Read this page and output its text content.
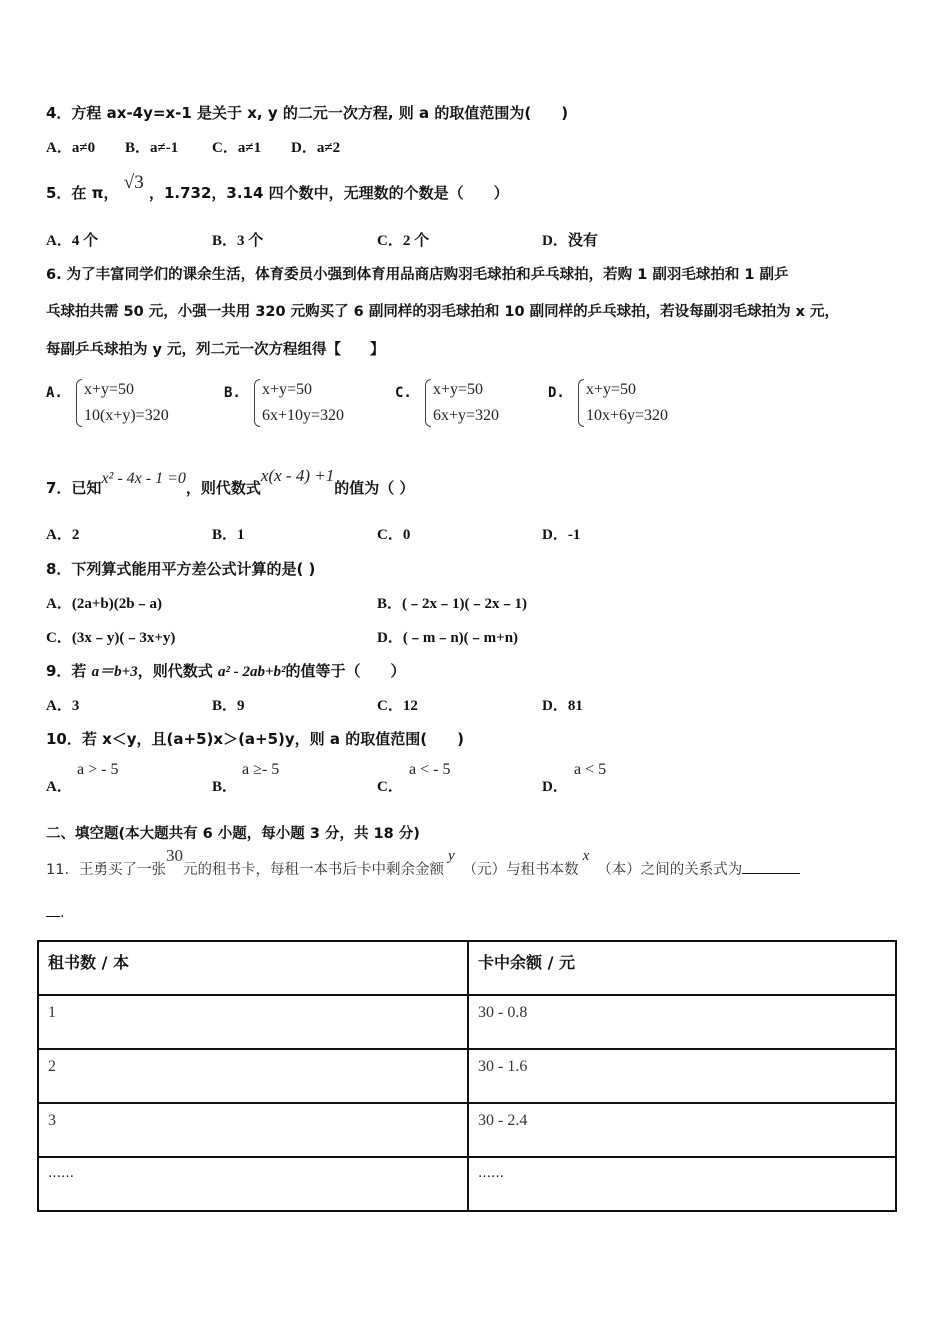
4．方程 ax-4y=x-1 是关于 x, y 的二元一次方程, 则 a 的取值范围为(　　)
A．a≠0 B．a≠-1 C．a≠1 D．a≠2
5．在 π， √3 ，1.732，3.14 四个数中，无理数的个数是（　　）
A．4 个	B．3 个	C．2 个	D．没有
6. 为了丰富同学们的课余生活，体育委员小强到体育用品商店购羽毛球拍和乒乓球拍，若购 1 副羽毛球拍和 1 副乒
乓球拍共需 50 元，小强一共用 320 元购买了 6 副同样的羽毛球拍和 10 副同样的乒乓球拍，若设每副羽毛球拍为 x 元，
每副乒乓球拍为 y 元，列二元一次方程组得【　　】
A. x+y=50
10(x+y)=320
B. x+y=50
6x+10y=320
C. x+y=50
6x+y=320
D. x+y=50
10x+6y=320
7．已知x² - 4x - 1 =0，则代数式x(x - 4) +1的值为（ ）
A．2	B．1	C．0	D．-1
8．下列算式能用平方差公式计算的是( )
A．(2a+b)(2b﹣a)	B．(﹣2x﹣1)(﹣2x﹣1)
C．(3x﹣y)(﹣3x+y)	D．(﹣m﹣n)(﹣m+n)
9．若 a＝b+3，则代数式 a² - 2ab+b²的值等于（　　）
A．3	B．9	C．12	D．81
10．若 x＜y，且(a+5)x＞(a+5)y，则 a 的取值范围(　　)
A．
a > - 5
B．
a ≥- 5
C．
a < - 5
D．
a < 5
二、填空题(本大题共有 6 小题，每小题 3 分，共 18 分)
11．王勇买了一张30元的租书卡，每租一本书后卡中剩余金额y（元）与租书本数x（本）之间的关系式为
.
租书数 / 本	卡中余额 / 元
1	30 - 0.8
2	30 - 1.6
3	30 - 2.4
……	……
